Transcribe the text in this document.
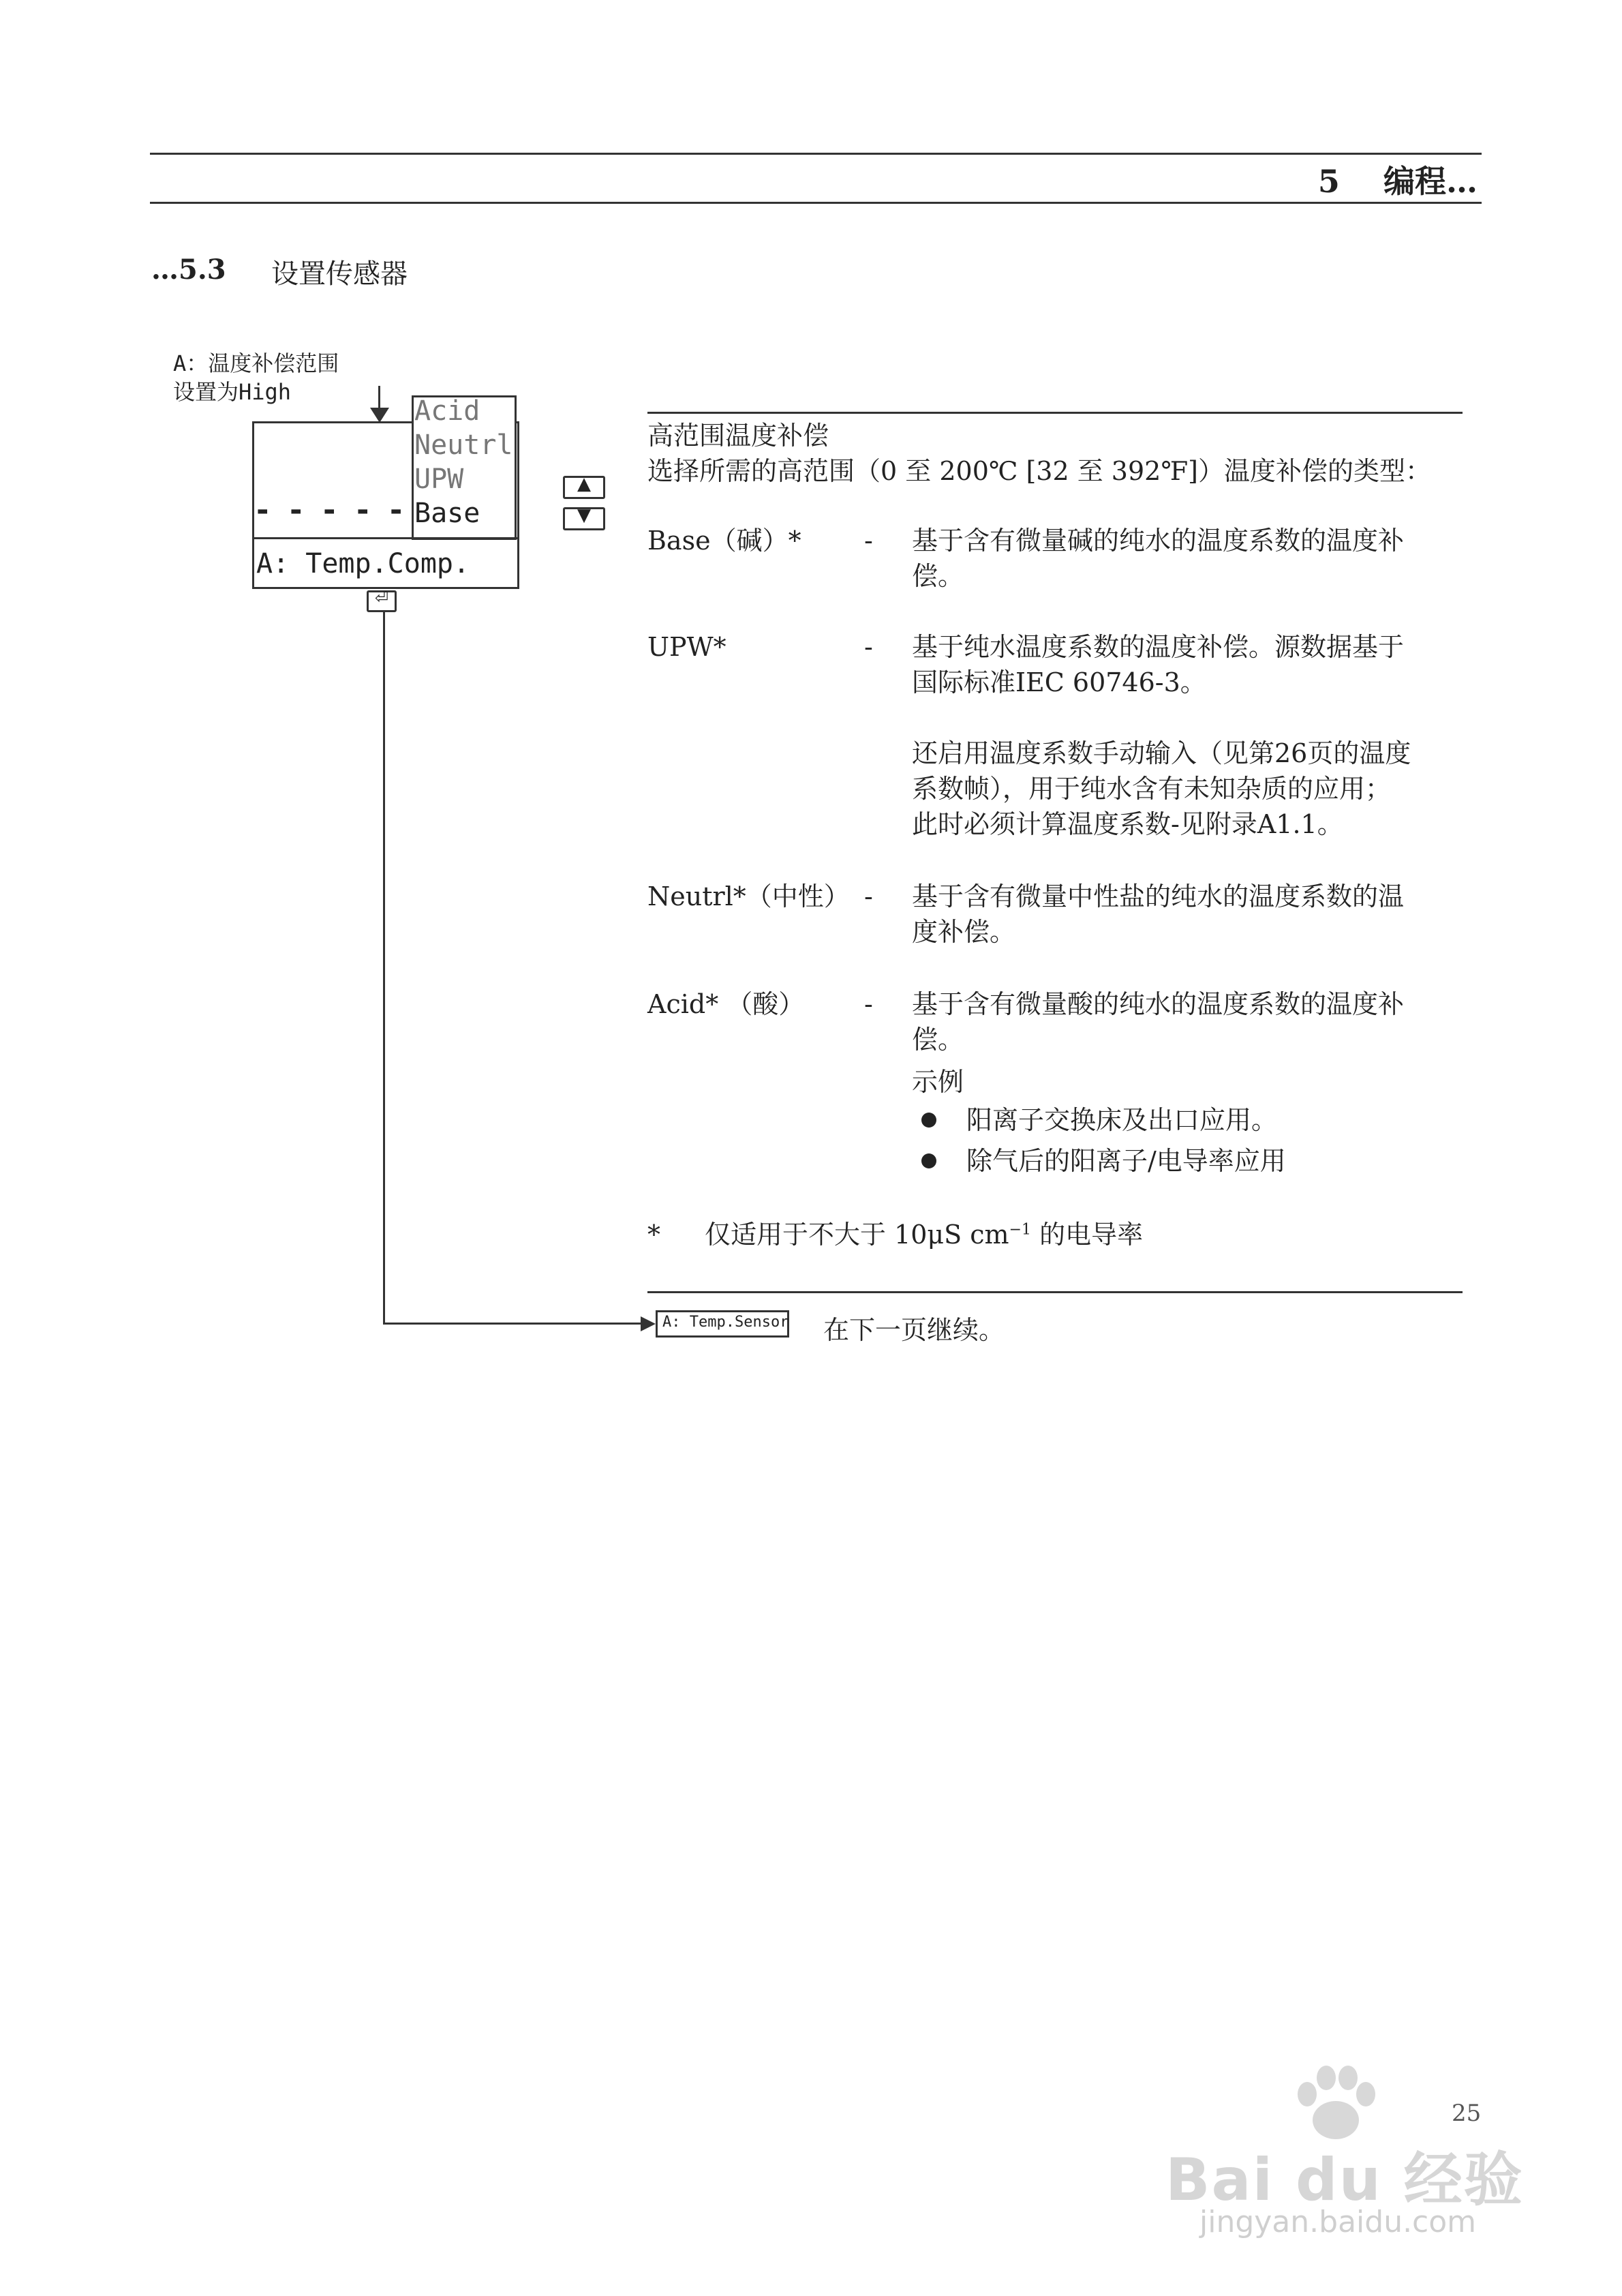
5 编程…
…5.3 设置传感器
A：温度补偿范围
设置为High
Acid
Neutrl
UPW
Base
- - - - -
A: Temp.Comp.
▲
▼
⏎
A: Temp.Sensor 在下一页继续。
高范围温度补偿
选择所需的高范围（0 至 200℃ [32 至 392℉]）温度补偿的类型：
Base（碱）* - 基于含有微量碱的纯水的温度系数的温度补
偿。
UPW*	- 基于纯水温度系数的温度补偿。源数据基于
国际标准IEC 60746-3。
还启用温度系数手动输入（见第26页的温度
系数帧），用于纯水含有未知杂质的应用；
此时必须计算温度系数-见附录A1.1。
Neutrl*（中性） - 基于含有微量中性盐的纯水的温度系数的温
度补偿。
Acid* （酸） - 基于含有微量酸的纯水的温度系数的温度补
偿。
示例
阳离子交换床及出口应用。
除气后的阳离子/电导率应用
* 仅适用于不大于 10μS $cm^{-1}$ 的电导率
Bai du 经验
jingyan.baidu.com
25
